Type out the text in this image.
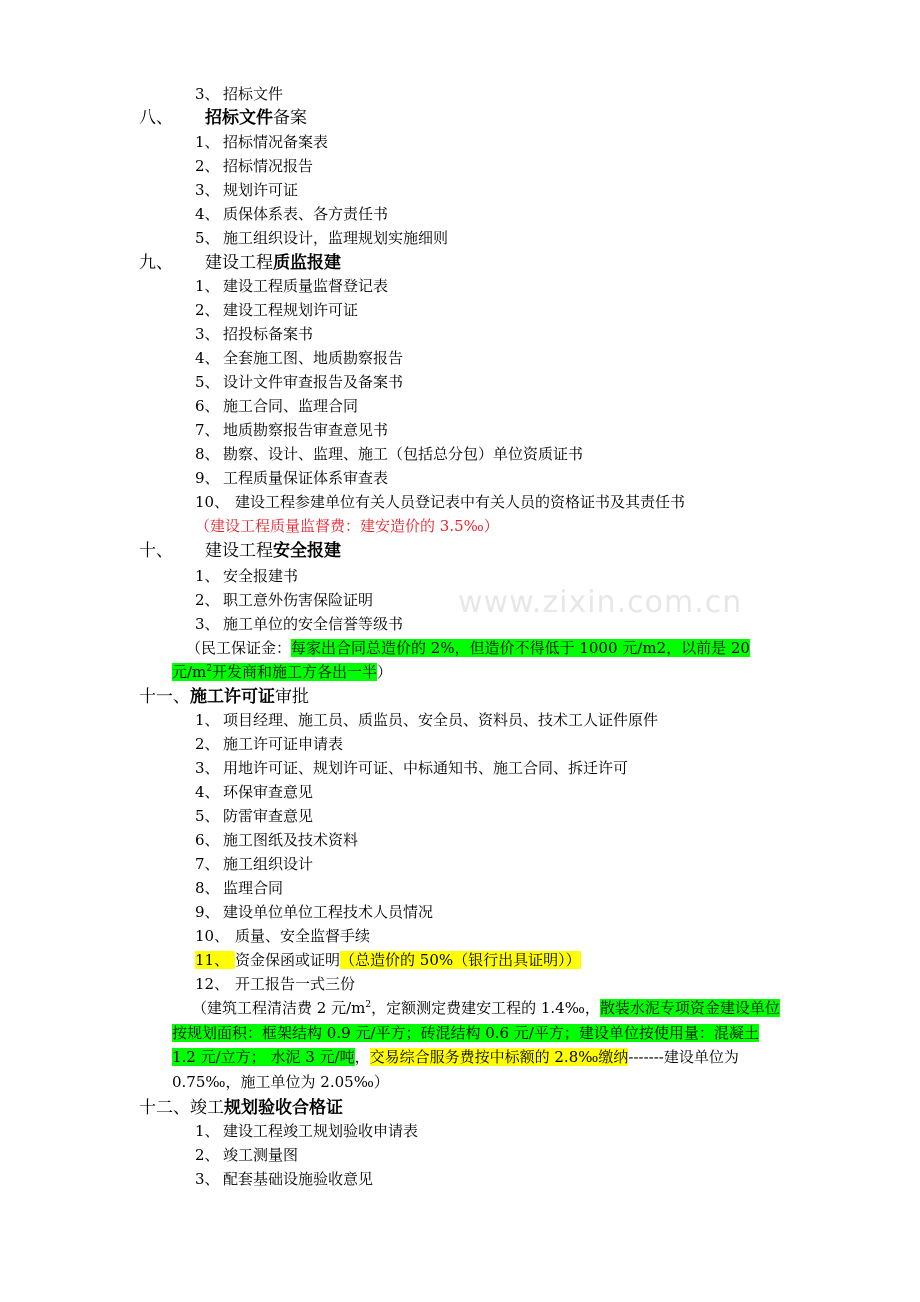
www.zixin.com.cn
3、 招标文件
八、 招标文件备案
1、 招标情况备案表
2、 招标情况报告
3、 规划许可证
4、 质保体系表、各方责任书
5、 施工组织设计，监理规划实施细则
九、 建设工程质监报建
1、 建设工程质量监督登记表
2、 建设工程规划许可证
3、 招投标备案书
4、 全套施工图、地质勘察报告
5、 设计文件审查报告及备案书
6、 施工合同、监理合同
7、 地质勘察报告审查意见书
8、 勘察、设计、监理、施工（包括总分包）单位资质证书
9、 工程质量保证体系审查表
10、 建设工程参建单位有关人员登记表中有关人员的资格证书及其责任书
（建设工程质量监督费：建安造价的 3.5‰）
十、 建设工程安全报建
1、 安全报建书
2、 职工意外伤害保险证明
3、 施工单位的安全信誉等级书
（民工保证金：每家出合同总造价的 2%，但造价不得低于 1000 元/m2，以前是 20
元$/m^2$开发商和施工方各出一半）
十一、施工许可证审批
1、 项目经理、施工员、质监员、安全员、资料员、技术工人证件原件
2、 施工许可证申请表
3、 用地许可证、规划许可证、中标通知书、施工合同、拆迁许可
4、 环保审查意见
5、 防雷审查意见
6、 施工图纸及技术资料
7、 施工组织设计
8、 监理合同
9、 建设单位单位工程技术人员情况
10、 质量、安全监督手续
11、 资金保函或证明（总造价的 50%（银行出具证明））
12、 开工报告一式三份
（建筑工程清洁费 2 元$/m^2$，定额测定费建安工程的 1.4‰，散装水泥专项资金建设单位按规划面积：框架结构 0.9 元/平方；砖混结构 0.6 元/平方；建设单位按使用量：混凝土 1.2 元/立方； 水泥 3 元/吨，交易综合服务费按中标额的 2.8‰缴纳-------建设单位为 0.75‰，施工单位为 2.05‰）
十二、竣工规划验收合格证
1、 建设工程竣工规划验收申请表
2、 竣工测量图
3、 配套基础设施验收意见
